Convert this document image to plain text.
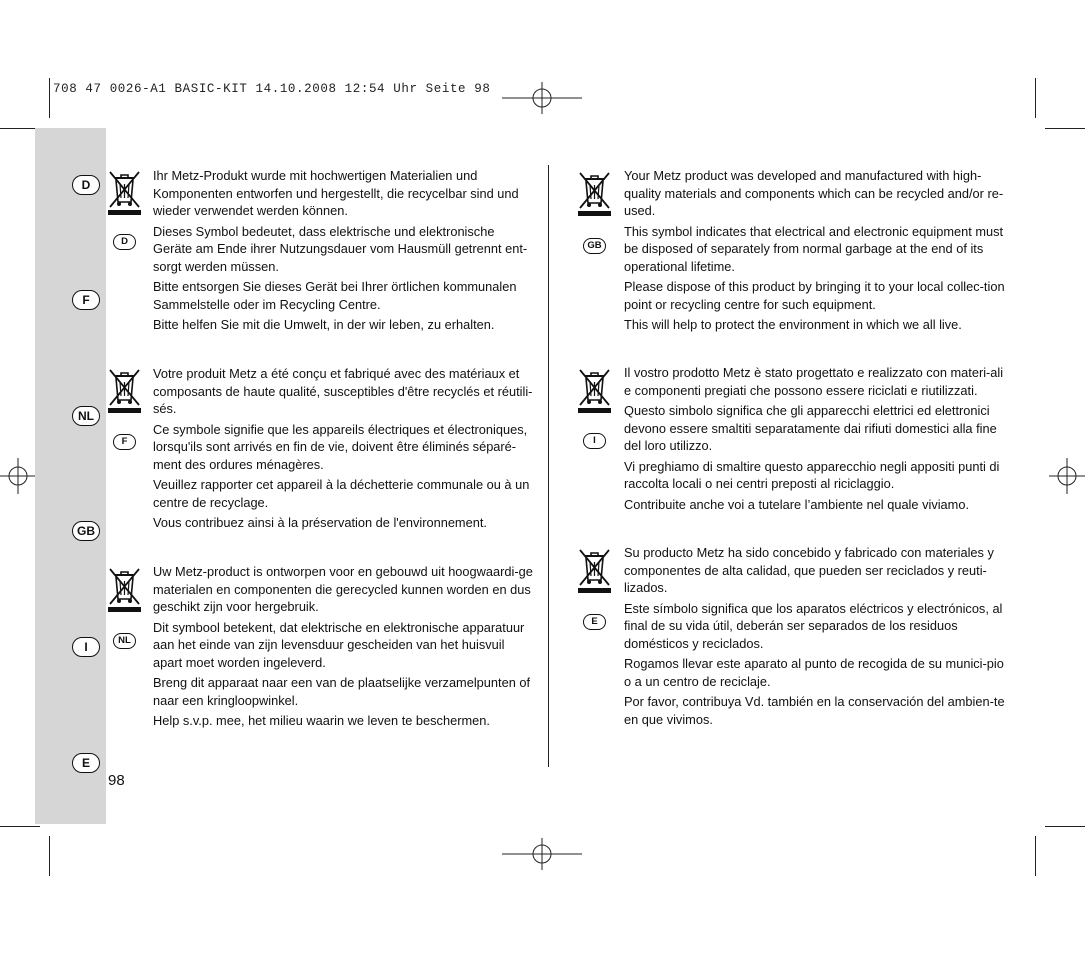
708 47 0026-A1 BASIC-KIT 14.10.2008 12:54 Uhr Seite 98
D
F
NL
GB
I
E
D

Ihr Metz-Produkt wurde mit hochwertigen Materialien und Komponenten entworfen und hergestellt, die recycelbar sind und wieder verwendet werden können.

Dieses Symbol bedeutet, dass elektrische und elektronische Geräte am Ende ihrer Nutzungsdauer vom Hausmüll getrennt ent-sorgt werden müssen.

Bitte entsorgen Sie dieses Gerät bei Ihrer örtlichen kommunalen Sammelstelle oder im Recycling Centre.

Bitte helfen Sie mit die Umwelt, in der wir leben, zu erhalten.

F

Votre produit Metz a été conçu et fabriqué avec des matériaux et composants de haute qualité, susceptibles d'être recyclés et réutili-sés.

Ce symbole signifie que les appareils électriques et électroniques, lorsqu'ils sont arrivés en fin de vie, doivent être éliminés séparé-ment des ordures ménagères.

Veuillez rapporter cet appareil à la déchetterie communale ou à un centre de recyclage.

Vous contribuez ainsi à la préservation de l'environnement.

NL

Uw Metz-product is ontworpen voor en gebouwd uit hoogwaardi-ge materialen en componenten die gerecycled kunnen worden en dus geschikt zijn voor hergebruik.

Dit symbool betekent, dat elektrische en elektronische apparatuur aan het einde van zijn levensduur gescheiden van het huisvuil apart moet worden ingeleverd.

Breng dit apparaat naar een van de plaatselijke verzamelpunten of naar een kringloopwinkel.

Help s.v.p. mee, het milieu waarin we leven te beschermen.

GB

Your Metz product was developed and manufactured with high-quality materials and components which can be recycled and/or re-used.

This symbol indicates that electrical and electronic equipment must be disposed of separately from normal garbage at the end of its operational lifetime.

Please dispose of this product by bringing it to your local collec-tion point or recycling centre for such equipment.

This will help to protect the environment in which we all live.

I

Il vostro prodotto Metz è stato progettato e realizzato con materi-ali e componenti pregiati che possono essere riciclati e riutilizzati.

Questo simbolo significa che gli apparecchi elettrici ed elettronici devono essere smaltiti separatamente dai rifiuti domestici alla fine del loro utilizzo.

Vi preghiamo di smaltire questo apparecchio negli appositi punti di raccolta locali o nei centri preposti al riciclaggio.

Contribuite anche voi a tutelare l’ambiente nel quale viviamo.

E

Su producto Metz ha sido concebido y fabricado con materiales y componentes de alta calidad, que pueden ser reciclados y reuti-lizados.

Este símbolo significa que los aparatos eléctricos y electrónicos, al final de su vida útil, deberán ser separados de los residuos domésticos y reciclados.

Rogamos llevar este aparato al punto de recogida de su munici-pio o a un centro de reciclaje.

Por favor, contribuya Vd. también en la conservación del ambien-te en que vivimos.

98
